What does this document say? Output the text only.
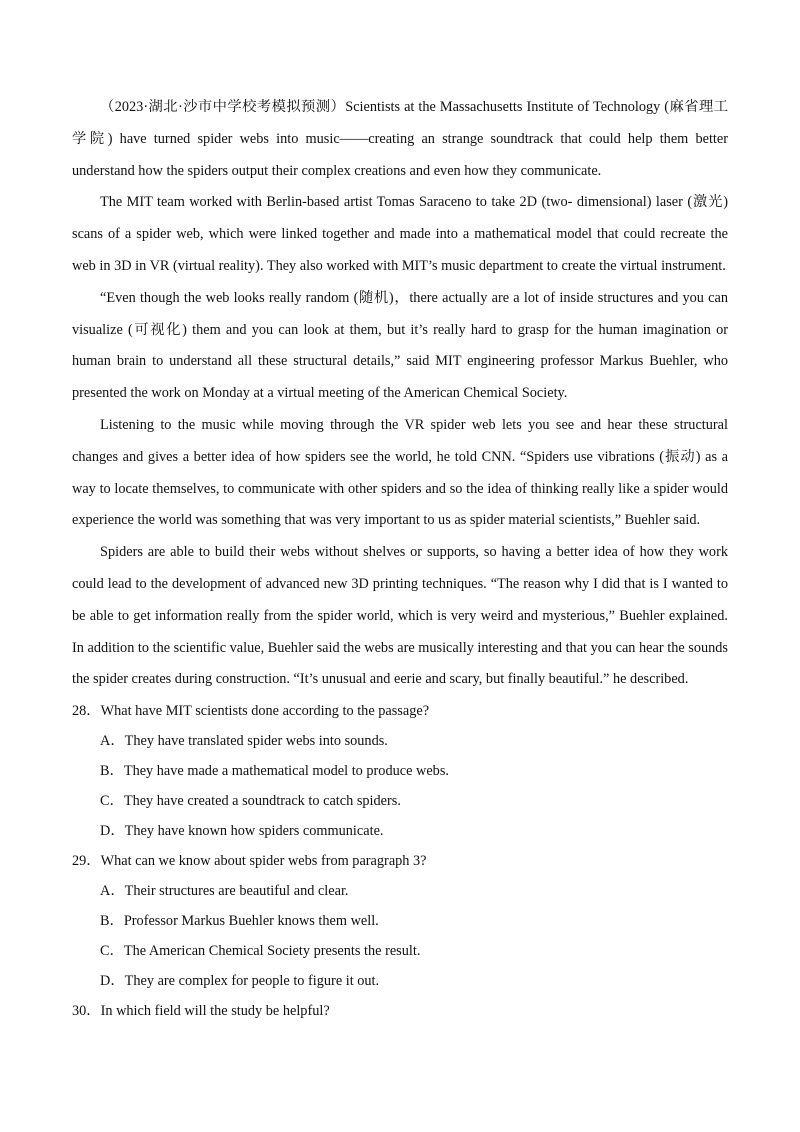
（2023·湖北·沙市中学校考模拟预测）Scientists at the Massachusetts Institute of Technology (麻省理工学院) have turned spider webs into music——creating an strange soundtrack that could help them better understand how the spiders output their complex creations and even how they communicate.

The MIT team worked with Berlin-based artist Tomas Saraceno to take 2D (two- dimensional) laser (激光) scans of a spider web, which were linked together and made into a mathematical model that could recreate the web in 3D in VR (virtual reality). They also worked with MIT’s music department to create the virtual instrument.

“Even though the web looks really random (随机)，there actually are a lot of inside structures and you can visualize (可视化) them and you can look at them, but it’s really hard to grasp for the human imagination or human brain to understand all these structural details,” said MIT engineering professor Markus Buehler, who presented the work on Monday at a virtual meeting of the American Chemical Society.

Listening to the music while moving through the VR spider web lets you see and hear these structural changes and gives a better idea of how spiders see the world, he told CNN. “Spiders use vibrations (振动) as a way to locate themselves, to communicate with other spiders and so the idea of thinking really like a spider would experience the world was something that was very important to us as spider material scientists,” Buehler said.

Spiders are able to build their webs without shelves or supports, so having a better idea of how they work could lead to the development of advanced new 3D printing techniques. “The reason why I did that is I wanted to be able to get information really from the spider world, which is very weird and mysterious,” Buehler explained. In addition to the scientific value, Buehler said the webs are musically interesting and that you can hear the sounds the spider creates during construction. “It’s unusual and eerie and scary, but finally beautiful.” he described.

28．What have MIT scientists done according to the passage?

A．They have translated spider webs into sounds.

B．They have made a mathematical model to produce webs.

C．They have created a soundtrack to catch spiders.

D．They have known how spiders communicate.

29．What can we know about spider webs from paragraph 3?

A．Their structures are beautiful and clear.

B．Professor Markus Buehler knows them well.

C．The American Chemical Society presents the result.

D．They are complex for people to figure it out.

30．In which field will the study be helpful?
